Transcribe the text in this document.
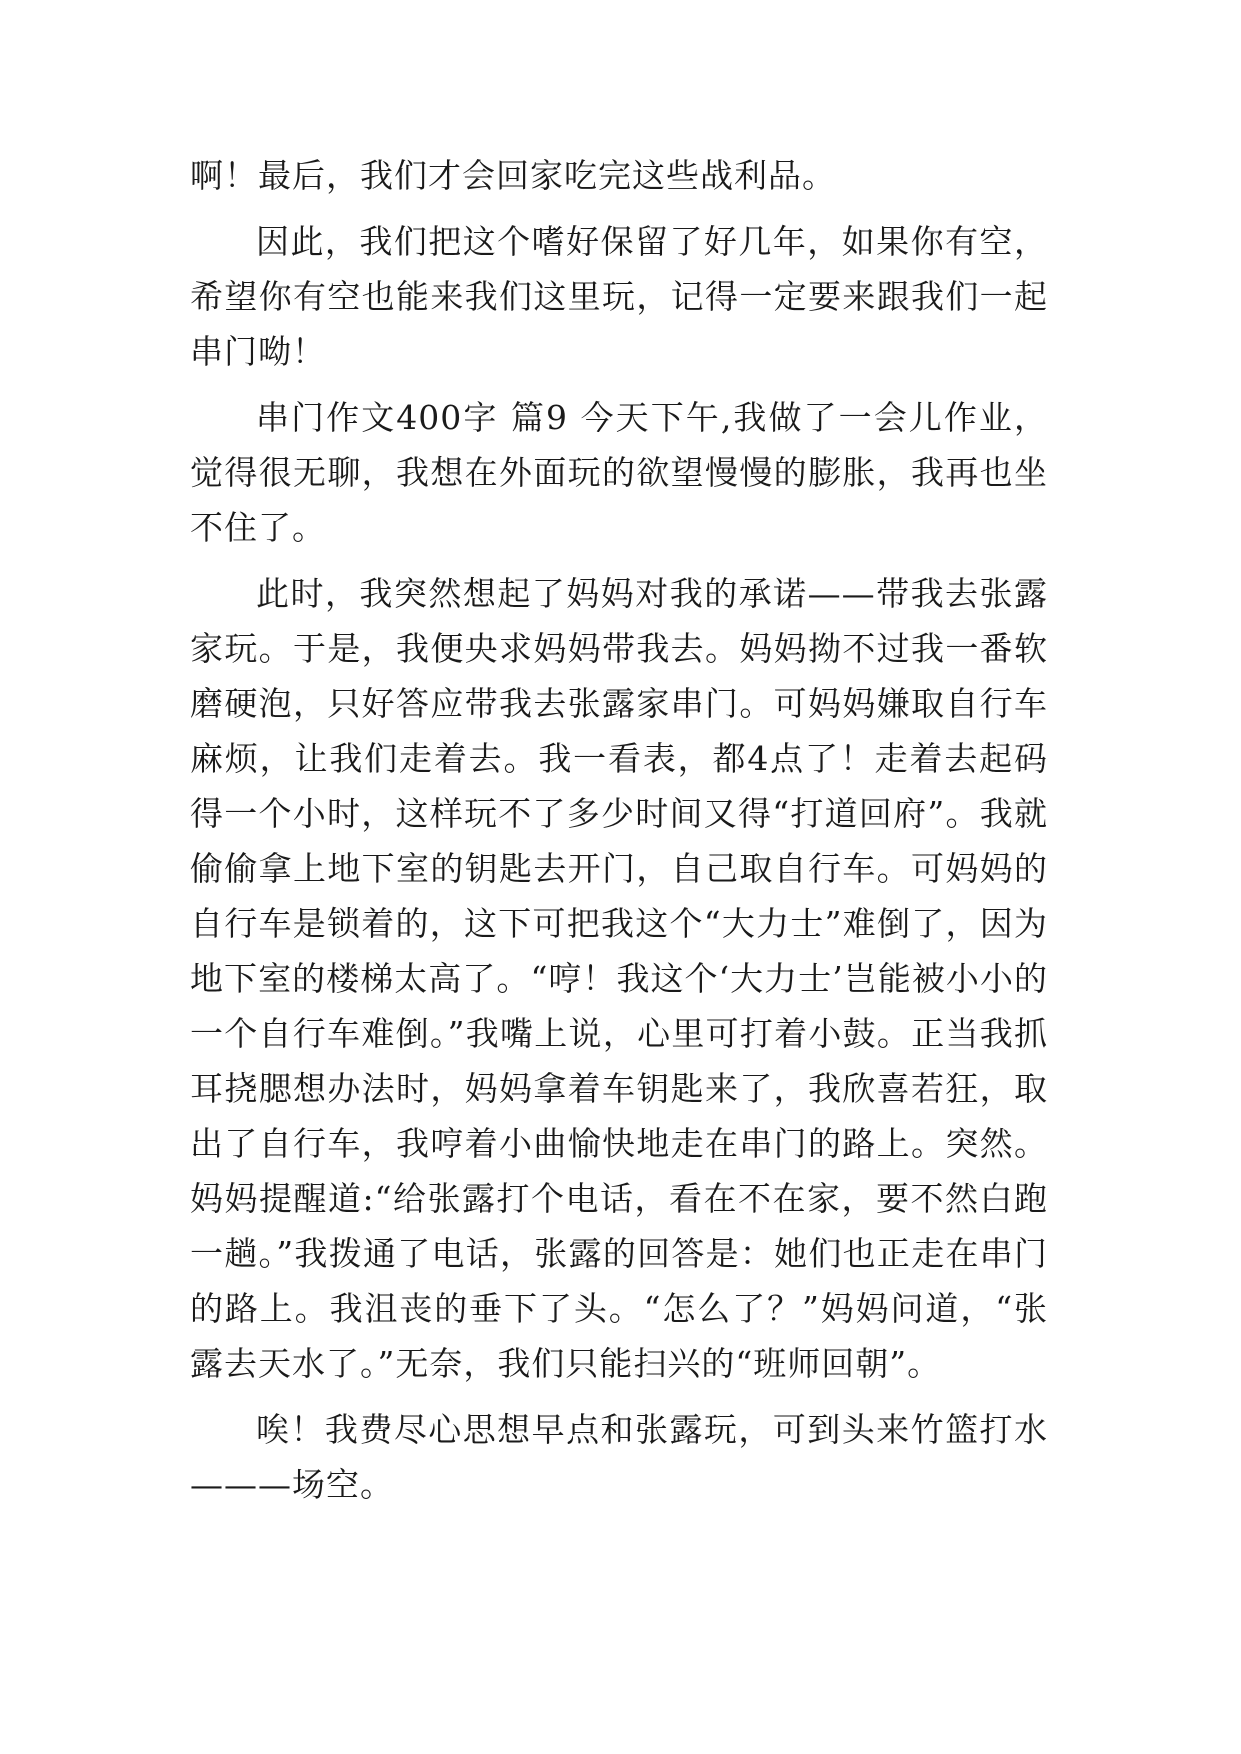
啊！最后，我们才会回家吃完这些战利品。

因此，我们把这个嗜好保留了好几年，如果你有空，希望你有空也能来我们这里玩，记得一定要来跟我们一起串门呦！

串门作文400字 篇9 今天下午,我做了一会儿作业，觉得很无聊，我想在外面玩的欲望慢慢的膨胀，我再也坐不住了。

此时，我突然想起了妈妈对我的承诺——带我去张露家玩。于是，我便央求妈妈带我去。妈妈拗不过我一番软磨硬泡，只好答应带我去张露家串门。可妈妈嫌取自行车麻烦，让我们走着去。我一看表，都4点了！走着去起码得一个小时，这样玩不了多少时间又得“打道回府”。我就偷偷拿上地下室的钥匙去开门，自己取自行车。可妈妈的自行车是锁着的，这下可把我这个“大力士”难倒了，因为地下室的楼梯太高了。“哼！我这个‘大力士’岂能被小小的一个自行车难倒。”我嘴上说，心里可打着小鼓。正当我抓耳挠腮想办法时，妈妈拿着车钥匙来了，我欣喜若狂，取出了自行车，我哼着小曲愉快地走在串门的路上。突然。妈妈提醒道:“给张露打个电话，看在不在家，要不然白跑一趟。”我拨通了电话，张露的回答是：她们也正走在串门的路上。我沮丧的垂下了头。“怎么了？”妈妈问道，“张露去天水了。”无奈，我们只能扫兴的“班师回朝”。

唉！我费尽心思想早点和张露玩，可到头来竹篮打水———场空。
